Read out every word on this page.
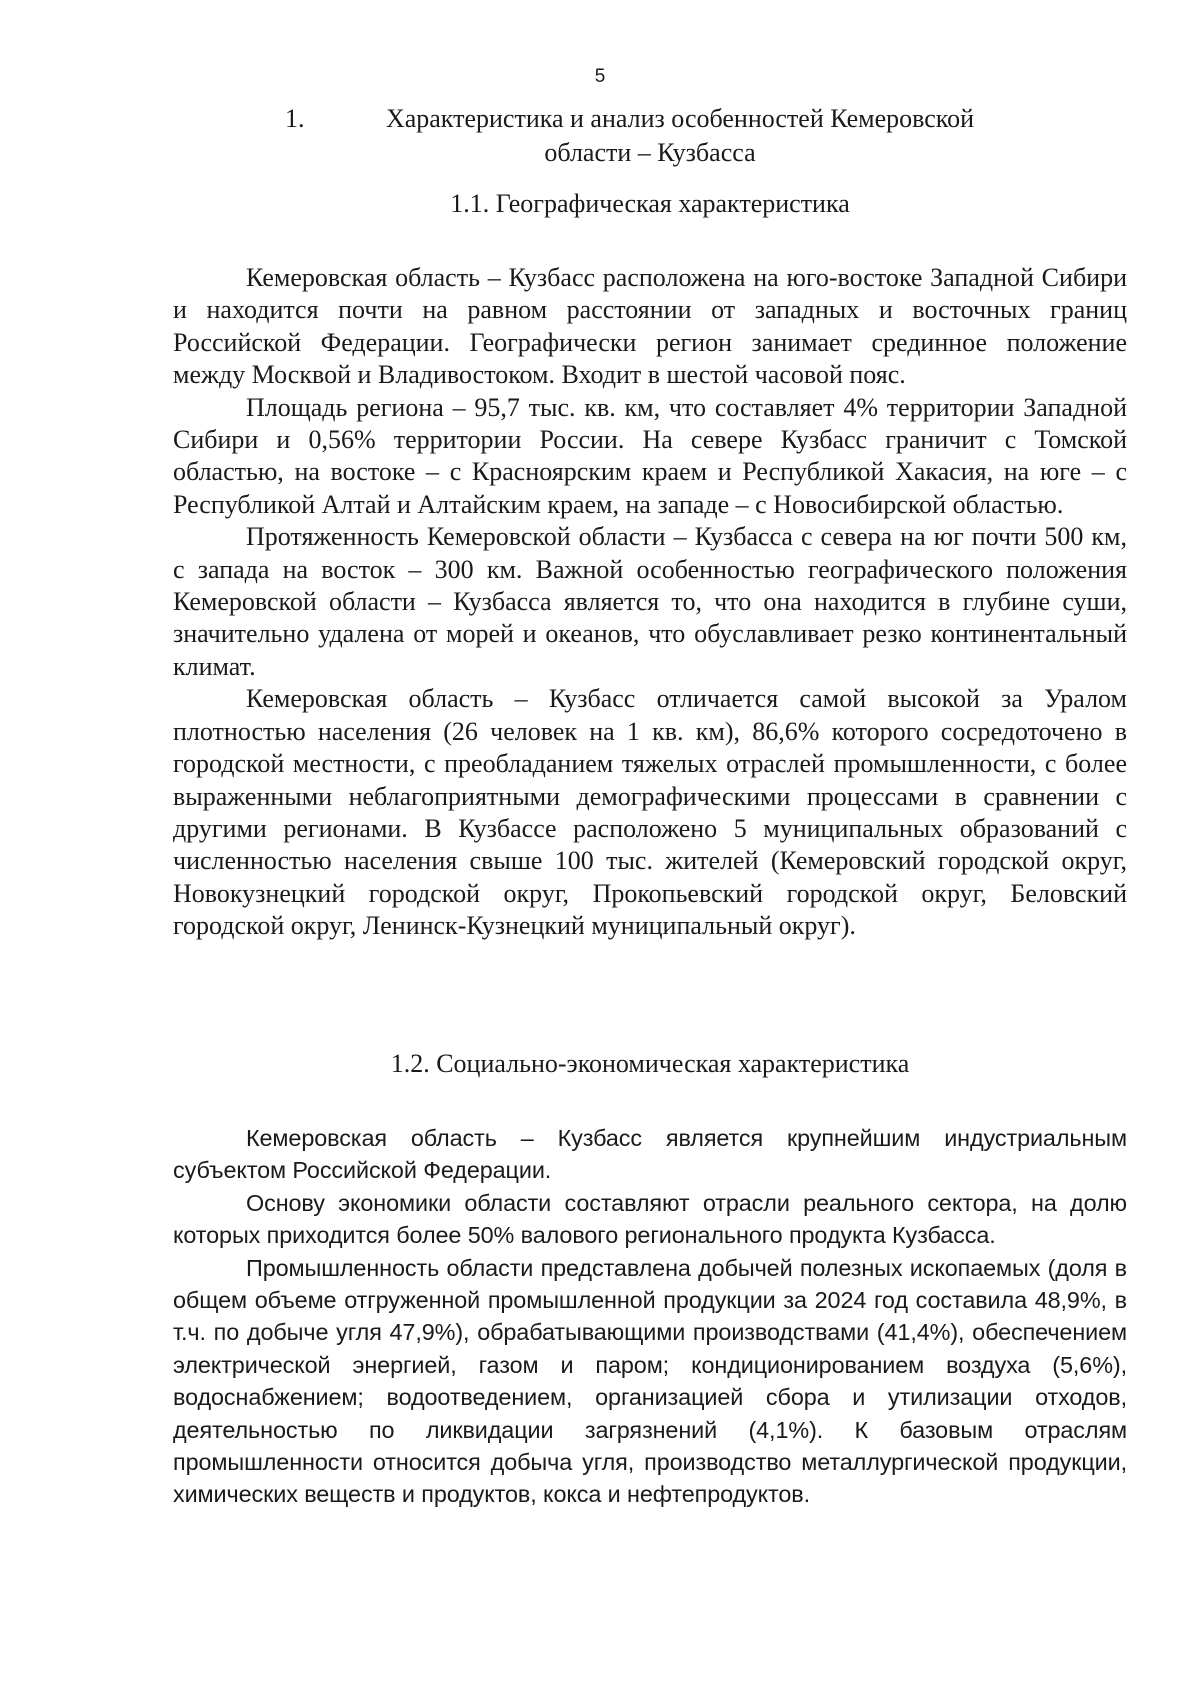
5
1.	Характеристика и анализ особенностей Кемеровской
области – Кузбасса
1.1. Географическая характеристика

Кемеровская область – Кузбасс расположена на юго-востоке Западной Сибири и находится почти на равном расстоянии от западных и восточных границ Российской Федерации. Географически регион занимает срединное положение между Москвой и Владивостоком. Входит в шестой часовой пояс.

Площадь региона – 95,7 тыс. кв. км, что составляет 4% территории Западной Сибири и 0,56% территории России. На севере Кузбасс граничит с Томской областью, на востоке – с Красноярским краем и Республикой Хакасия, на юге – с Республикой Алтай и Алтайским краем, на западе – с Новосибирской областью.

Протяженность Кемеровской области – Кузбасса с севера на юг почти 500 км, с запада на восток – 300 км. Важной особенностью географического положения Кемеровской области – Кузбасса является то, что она находится в глубине суши, значительно удалена от морей и океанов, что обуславливает резко континентальный климат.

Кемеровская область – Кузбасс отличается самой высокой за Уралом плотностью населения (26 человек на 1 кв. км), 86,6% которого сосредоточено в городской местности, с преобладанием тяжелых отраслей промышленности, с более выраженными неблагоприятными демографическими процессами в сравнении с другими регионами. В Кузбассе расположено 5 муниципальных образований с численностью населения свыше 100 тыс. жителей (Кемеровский городской округ, Новокузнецкий городской округ, Прокопьевский городской округ, Беловский городской округ, Ленинск-Кузнецкий муниципальный округ).

1.2. Социально-экономическая характеристика

Кемеровская область – Кузбасс является крупнейшим индустриальным субъектом Российской Федерации.

Основу экономики области составляют отрасли реального сектора, на долю которых приходится более 50% валового регионального продукта Кузбасса.

Промышленность области представлена добычей полезных ископаемых (доля в общем объеме отгруженной промышленной продукции за 2024 год составила 48,9%, в т.ч. по добыче угля 47,9%), обрабатывающими производствами (41,4%), обеспечением электрической энергией, газом и паром; кондиционированием воздуха (5,6%), водоснабжением; водоотведением, организацией сбора и утилизации отходов, деятельностью по ликвидации загрязнений (4,1%). К базовым отраслям промышленности относится добыча угля, производство металлургической продукции, химических веществ и продуктов, кокса и нефтепродуктов.
